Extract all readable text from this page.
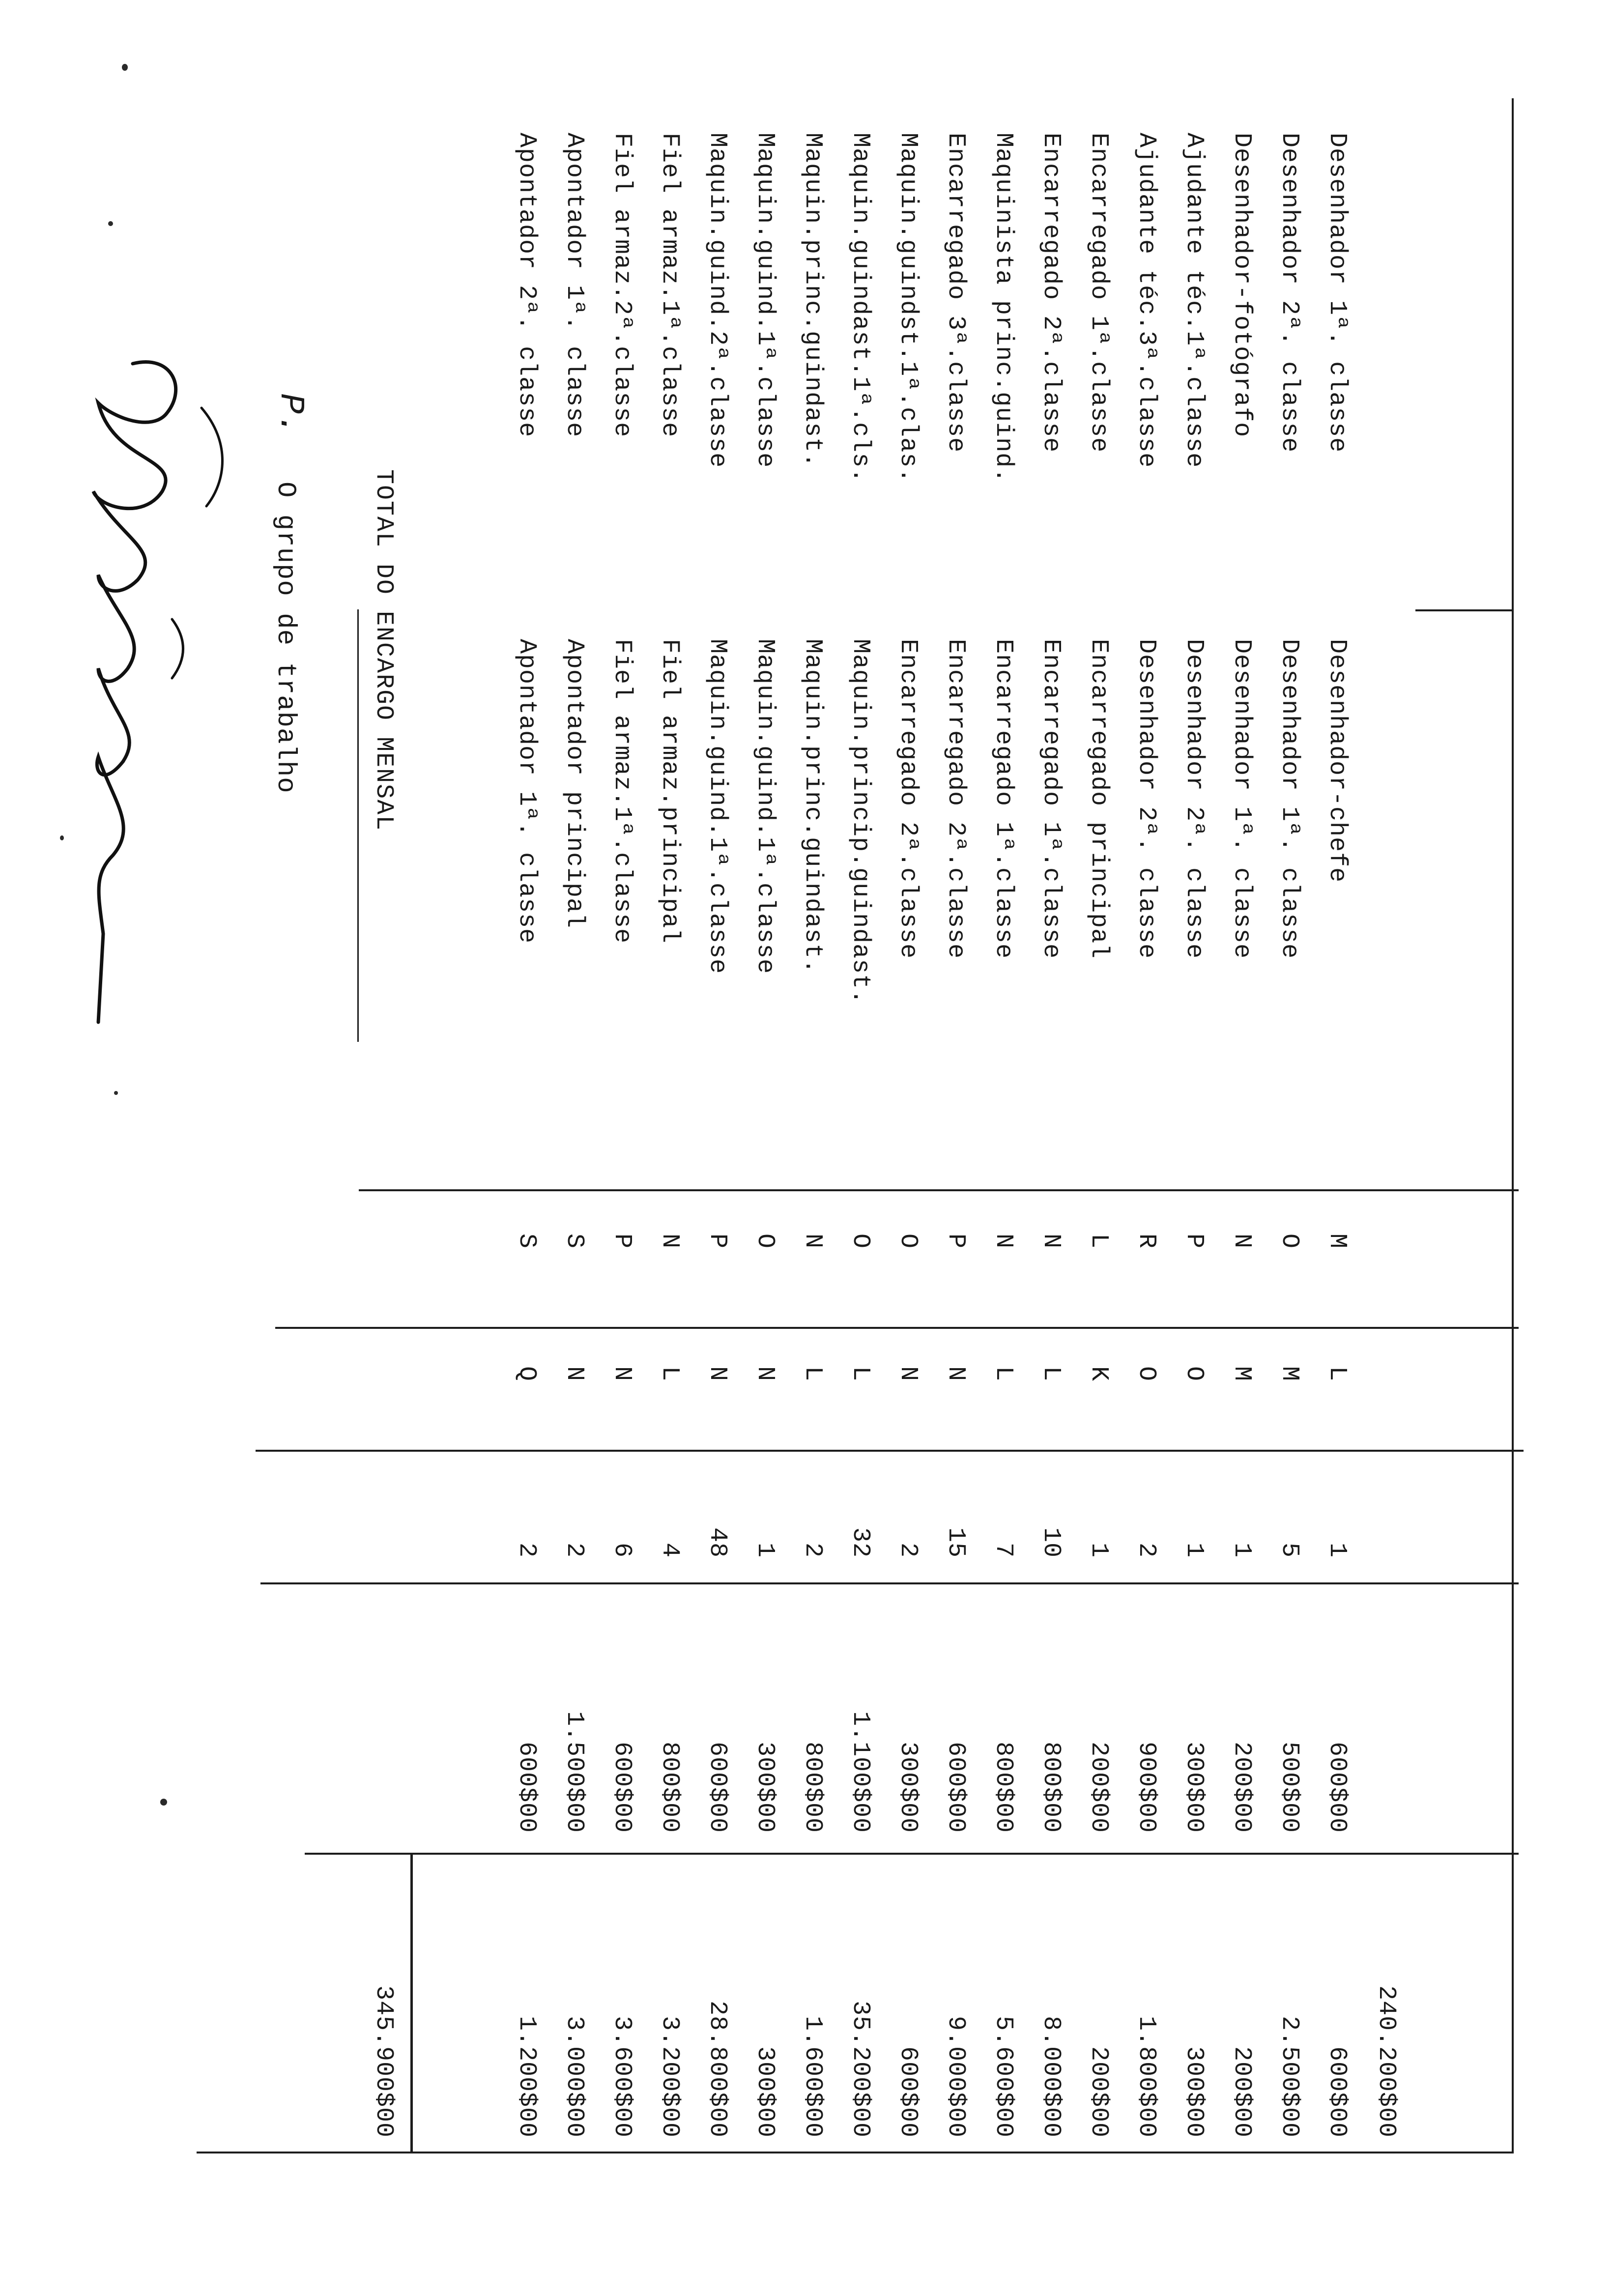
Desenhador 1ª. classe
Desenhador-chefe
M
L
1
600$00
600$00
Desenhador 2ª. classe
Desenhador 1ª. classe
O
M
5
500$00
2.500$00
Desenhador-fotógrafo
Desenhador 1ª. classe
N
M
1
200$00
200$00
Ajudante téc.1ª.classe
Desenhador 2ª. classe
P
O
1
300$00
300$00
Ajudante téc.3ª.classe
Desenhador 2ª. classe
R
O
2
900$00
1.800$00
Encarregado 1ª.classe
Encarregado principal
L
K
1
200$00
200$00
Encarregado 2ª.classe
Encarregado 1ª.classe
N
L
10
800$00
8.000$00
Maquinista princ.guind.
Encarregado 1ª.classe
N
L
7
800$00
5.600$00
Encarregado 3ª.classe
Encarregado 2ª.classe
P
N
15
600$00
9.000$00
Maquin.guindst.1ª.clas.
Encarregado 2ª.classe
O
N
2
300$00
600$00
Maquin.guindast.1ª.cls.
Maquin.princip.guindast.
O
L
32
1.100$00
35.200$00
Maquin.princ.guindast.
Maquin.princ.guindast.
N
L
2
800$00
1.600$00
Maquin.guind.1ª.classe
Maquin.guind.1ª.classe
O
N
1
300$00
300$00
Maquin.guind.2ª.classe
Maquin.guind.1ª.classe
P
N
48
600$00
28.800$00
Fiel armaz.1ª.classe
Fiel armaz.principal
N
L
4
800$00
3.200$00
Fiel armaz.2ª.classe
Fiel armaz.1ª.classe
P
N
6
600$00
3.600$00
Apontador 1ª. classe
Apontador principal
S
N
2
1.500$00
3.000$00
Apontador 2ª. classe
Apontador 1ª. classe
S
Q
2
600$00
1.200$00	240.200$00
TOTAL DO ENCARGO MENSAL
345.900$00
P.
O grupo de trabalho
